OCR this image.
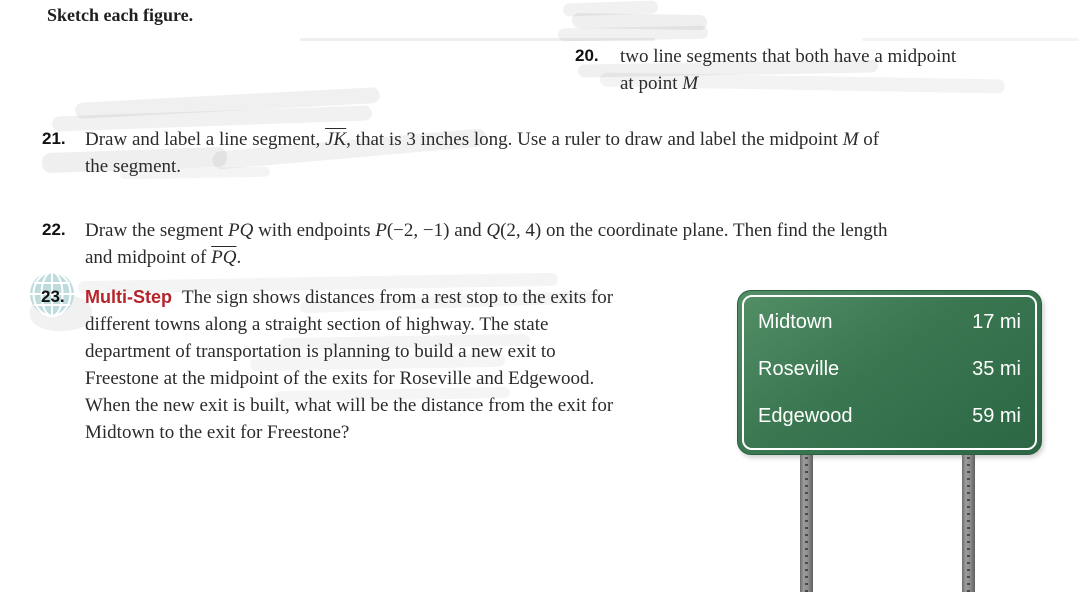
Sketch each figure.
20. two line segments that both have a midpoint
at point M
21. Draw and label a line segment, $\overline{JK}$, that is 3 inches long. Use a ruler to draw and label the midpoint M of
the segment.
22. Draw the segment PQ with endpoints P(−2, −1) and Q(2, 4) on the coordinate plane. Then find the length
and midpoint of $\overline{PQ}$.
23. Multi-Step The sign shows distances from a rest stop to the exits for
different towns along a straight section of highway. The state
department of transportation is planning to build a new exit to
Freestone at the midpoint of the exits for Roseville and Edgewood.
When the new exit is built, what will be the distance from the exit for
Midtown to the exit for Freestone?
Midtown	17 mi
Roseville	35 mi
Edgewood	59 mi
